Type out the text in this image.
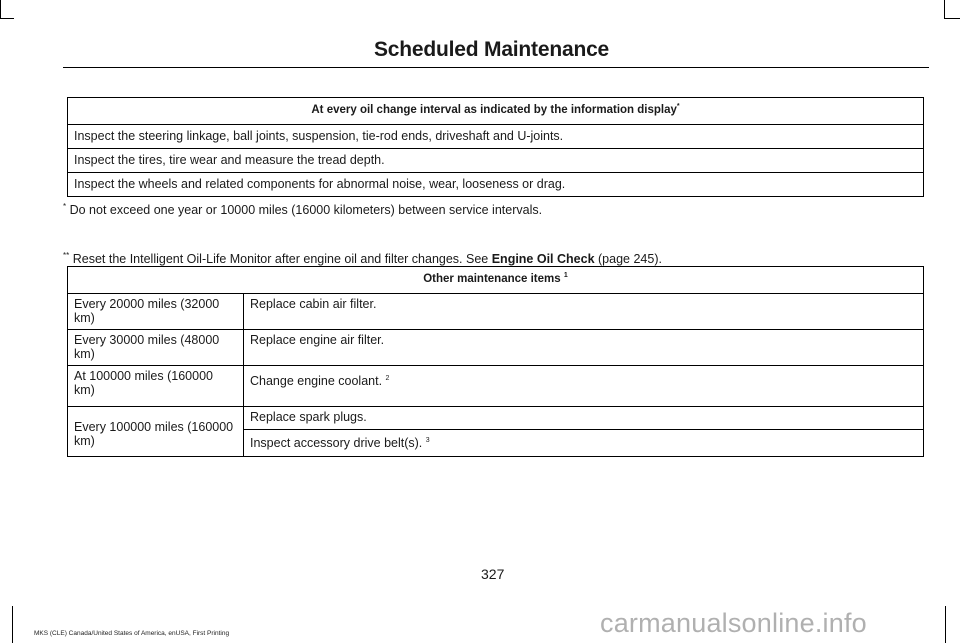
Scheduled Maintenance
At every oil change interval as indicated by the information display*
Inspect the steering linkage, ball joints, suspension, tie-rod ends, driveshaft and U-joints.
Inspect the tires, tire wear and measure the tread depth.
Inspect the wheels and related components for abnormal noise, wear, looseness or drag.
* Do not exceed one year or 10000 miles (16000 kilometers) between service intervals.
** Reset the Intelligent Oil-Life Monitor after engine oil and filter changes. See Engine Oil Check (page 245).
Other maintenance items $^1$
Every 20000 miles (32000 km)	Replace cabin air filter.
Every 30000 miles (48000 km)	Replace engine air filter.
At 100000 miles (160000 km)	Change engine coolant. $^2$
Every 100000 miles (160000 km)	Replace spark plugs.
	Inspect accessory drive belt(s). $^3$
327
MKS (CLE) Canada/United States of America, enUSA, First Printing	carmanualsonline.info
